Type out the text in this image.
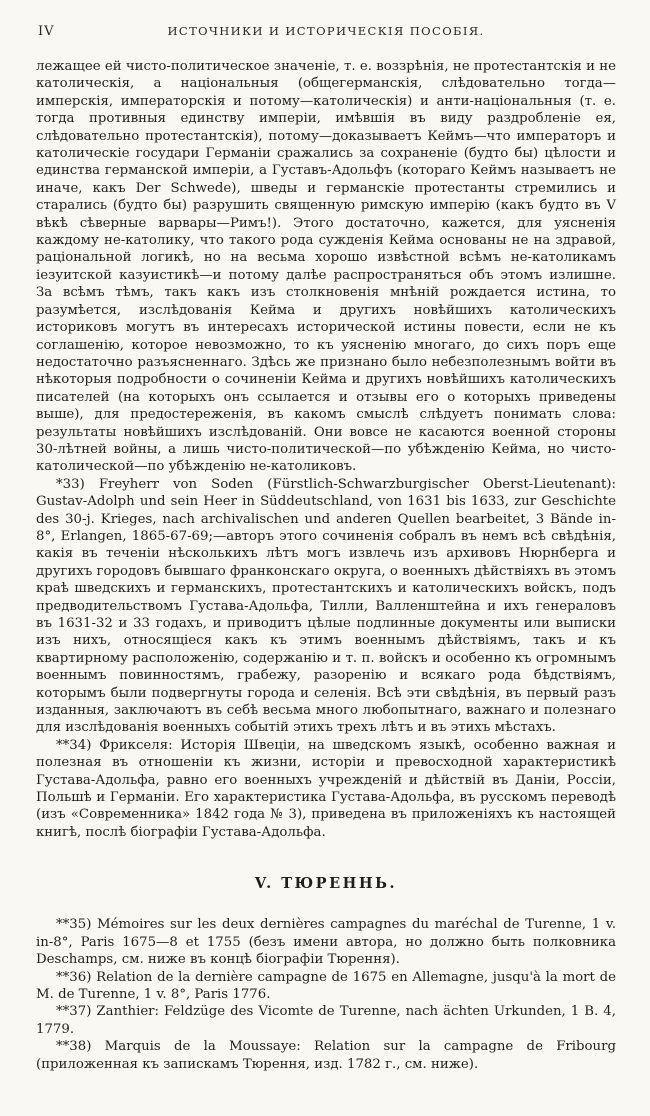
IV	ИСТОЧНИКИ И ИСТОРИЧЕСКІЯ ПОСОБІЯ.

лежащее ей чисто-политическое значеніе, т. е. воззрѣнія, не протестантскія и не католическія, а національныя (общегерманскія, слѣдовательно тогда—имперскія, императорскія и потому—католическія) и анти-національныя (т. е. тогда противныя единству имперіи, имѣвшія въ виду раздробленіе ея, слѣдовательно протестантскія), потому—доказываетъ Кеймъ—что императоръ и католическіе государи Германіи сражались за сохраненіе (будто бы) цѣлости и единства германской имперіи, а Густавъ-Адольфъ (котораго Кеймъ называетъ не иначе, какъ Der Schwede), шведы и германскіе протестанты стремились и старались (будто бы) разрушить священную римскую имперію (какъ будто въ V вѣкѣ сѣверные варвары—Римъ!). Этого достаточно, кажется, для уясненія каждому не-католику, что такого рода сужденія Кейма основаны не на здравой, раціональной логикѣ, но на весьма хорошо извѣстной всѣмъ не-католикамъ іезуитской казуистикѣ—и потому далѣе распространяться объ этомъ излишне. За всѣмъ тѣмъ, такъ какъ изъ столкновенія мнѣній рождается истина, то разумѣется, изслѣдованія Кейма и другихъ новѣйшихъ католическихъ историковъ могутъ въ интересахъ исторической истины повести, если не къ соглашенію, которое невозможно, то къ уясненію многаго, до сихъ поръ еще недостаточно разъясненнаго. Здѣсь же признано было небезполезнымъ войти въ нѣкоторыя подробности о сочиненіи Кейма и другихъ новѣйшихъ католическихъ писателей (на которыхъ онъ ссылается и отзывы его о которыхъ приведены выше), для предостереженія, въ какомъ смыслѣ слѣдуетъ понимать слова: результаты новѣйшихъ изслѣдованій. Они вовсе не касаются военной стороны 30-лѣтней войны, а лишь чисто-политической—по убѣжденію Кейма, но чисто-католической—по убѣжденію не-католиковъ.

*33) Freyherr von Soden (Fürstlich-Schwarzburgischer Oberst-Lieutenant): Gustav-Adolph und sein Heer in Süddeutschland, von 1631 bis 1633, zur Geschichte des 30-j. Krieges, nach archivalischen und anderen Quellen bearbeitet, 3 Bände in-8°, Erlangen, 1865-67-69;—авторъ этого сочиненія собралъ въ немъ всѣ свѣдѣнія, какія въ теченіи нѣсколькихъ лѣтъ могъ извлечь изъ архивовъ Нюрнберга и другихъ городовъ бывшаго франконскаго округа, о военныхъ дѣйствіяхъ въ этомъ краѣ шведскихъ и германскихъ, протестантскихъ и католическихъ войскъ, подъ предводительствомъ Густава-Адольфа, Тилли, Валленштейна и ихъ генераловъ въ 1631-32 и 33 годахъ, и приводитъ цѣлые подлинные документы или выписки изъ нихъ, относящіеся какъ къ этимъ военнымъ дѣйствіямъ, такъ и къ квартирному расположенію, содержанію и т. п. войскъ и особенно къ огромнымъ военнымъ повинностямъ, грабежу, разоренію и всякаго рода бѣдствіямъ, которымъ были подвергнуты города и селенія. Всѣ эти свѣдѣнія, въ первый разъ изданныя, заключаютъ въ себѣ весьма много любопытнаго, важнаго и полезнаго для изслѣдованія военныхъ событій этихъ трехъ лѣтъ и въ этихъ мѣстахъ.

**34) Фрикселя: Исторія Швеціи, на шведскомъ языкѣ, особенно важная и полезная въ отношеніи къ жизни, исторіи и превосходной характеристикѣ Густава-Адольфа, равно его военныхъ учрежденій и дѣйствій въ Даніи, Россіи, Польшѣ и Германіи. Его характеристика Густава-Адольфа, въ русскомъ переводѣ (изъ «Современника» 1842 года № 3), приведена въ приложеніяхъ къ настоящей книгѣ, послѣ біографіи Густава-Адольфа.

V. ТЮРЕННЬ.

**35) Mémoires sur les deux dernières campagnes du maréchal de Turenne, 1 v. in-8°, Paris 1675—8 et 1755 (безъ имени автора, но должно быть полковника Deschamps, см. ниже въ концѣ біографіи Тюрення).

**36) Relation de la dernière campagne de 1675 en Allemagne, jusqu'à la mort de M. de Turenne, 1 v. 8°, Paris 1776.

**37) Zanthier: Feldzüge des Vicomte de Turenne, nach ächten Urkunden, 1 B. 4, 1779.

**38) Marquis de la Moussaye: Relation sur la campagne de Fribourg (приложенная къ запискамъ Тюрення, изд. 1782 г., см. ниже).
